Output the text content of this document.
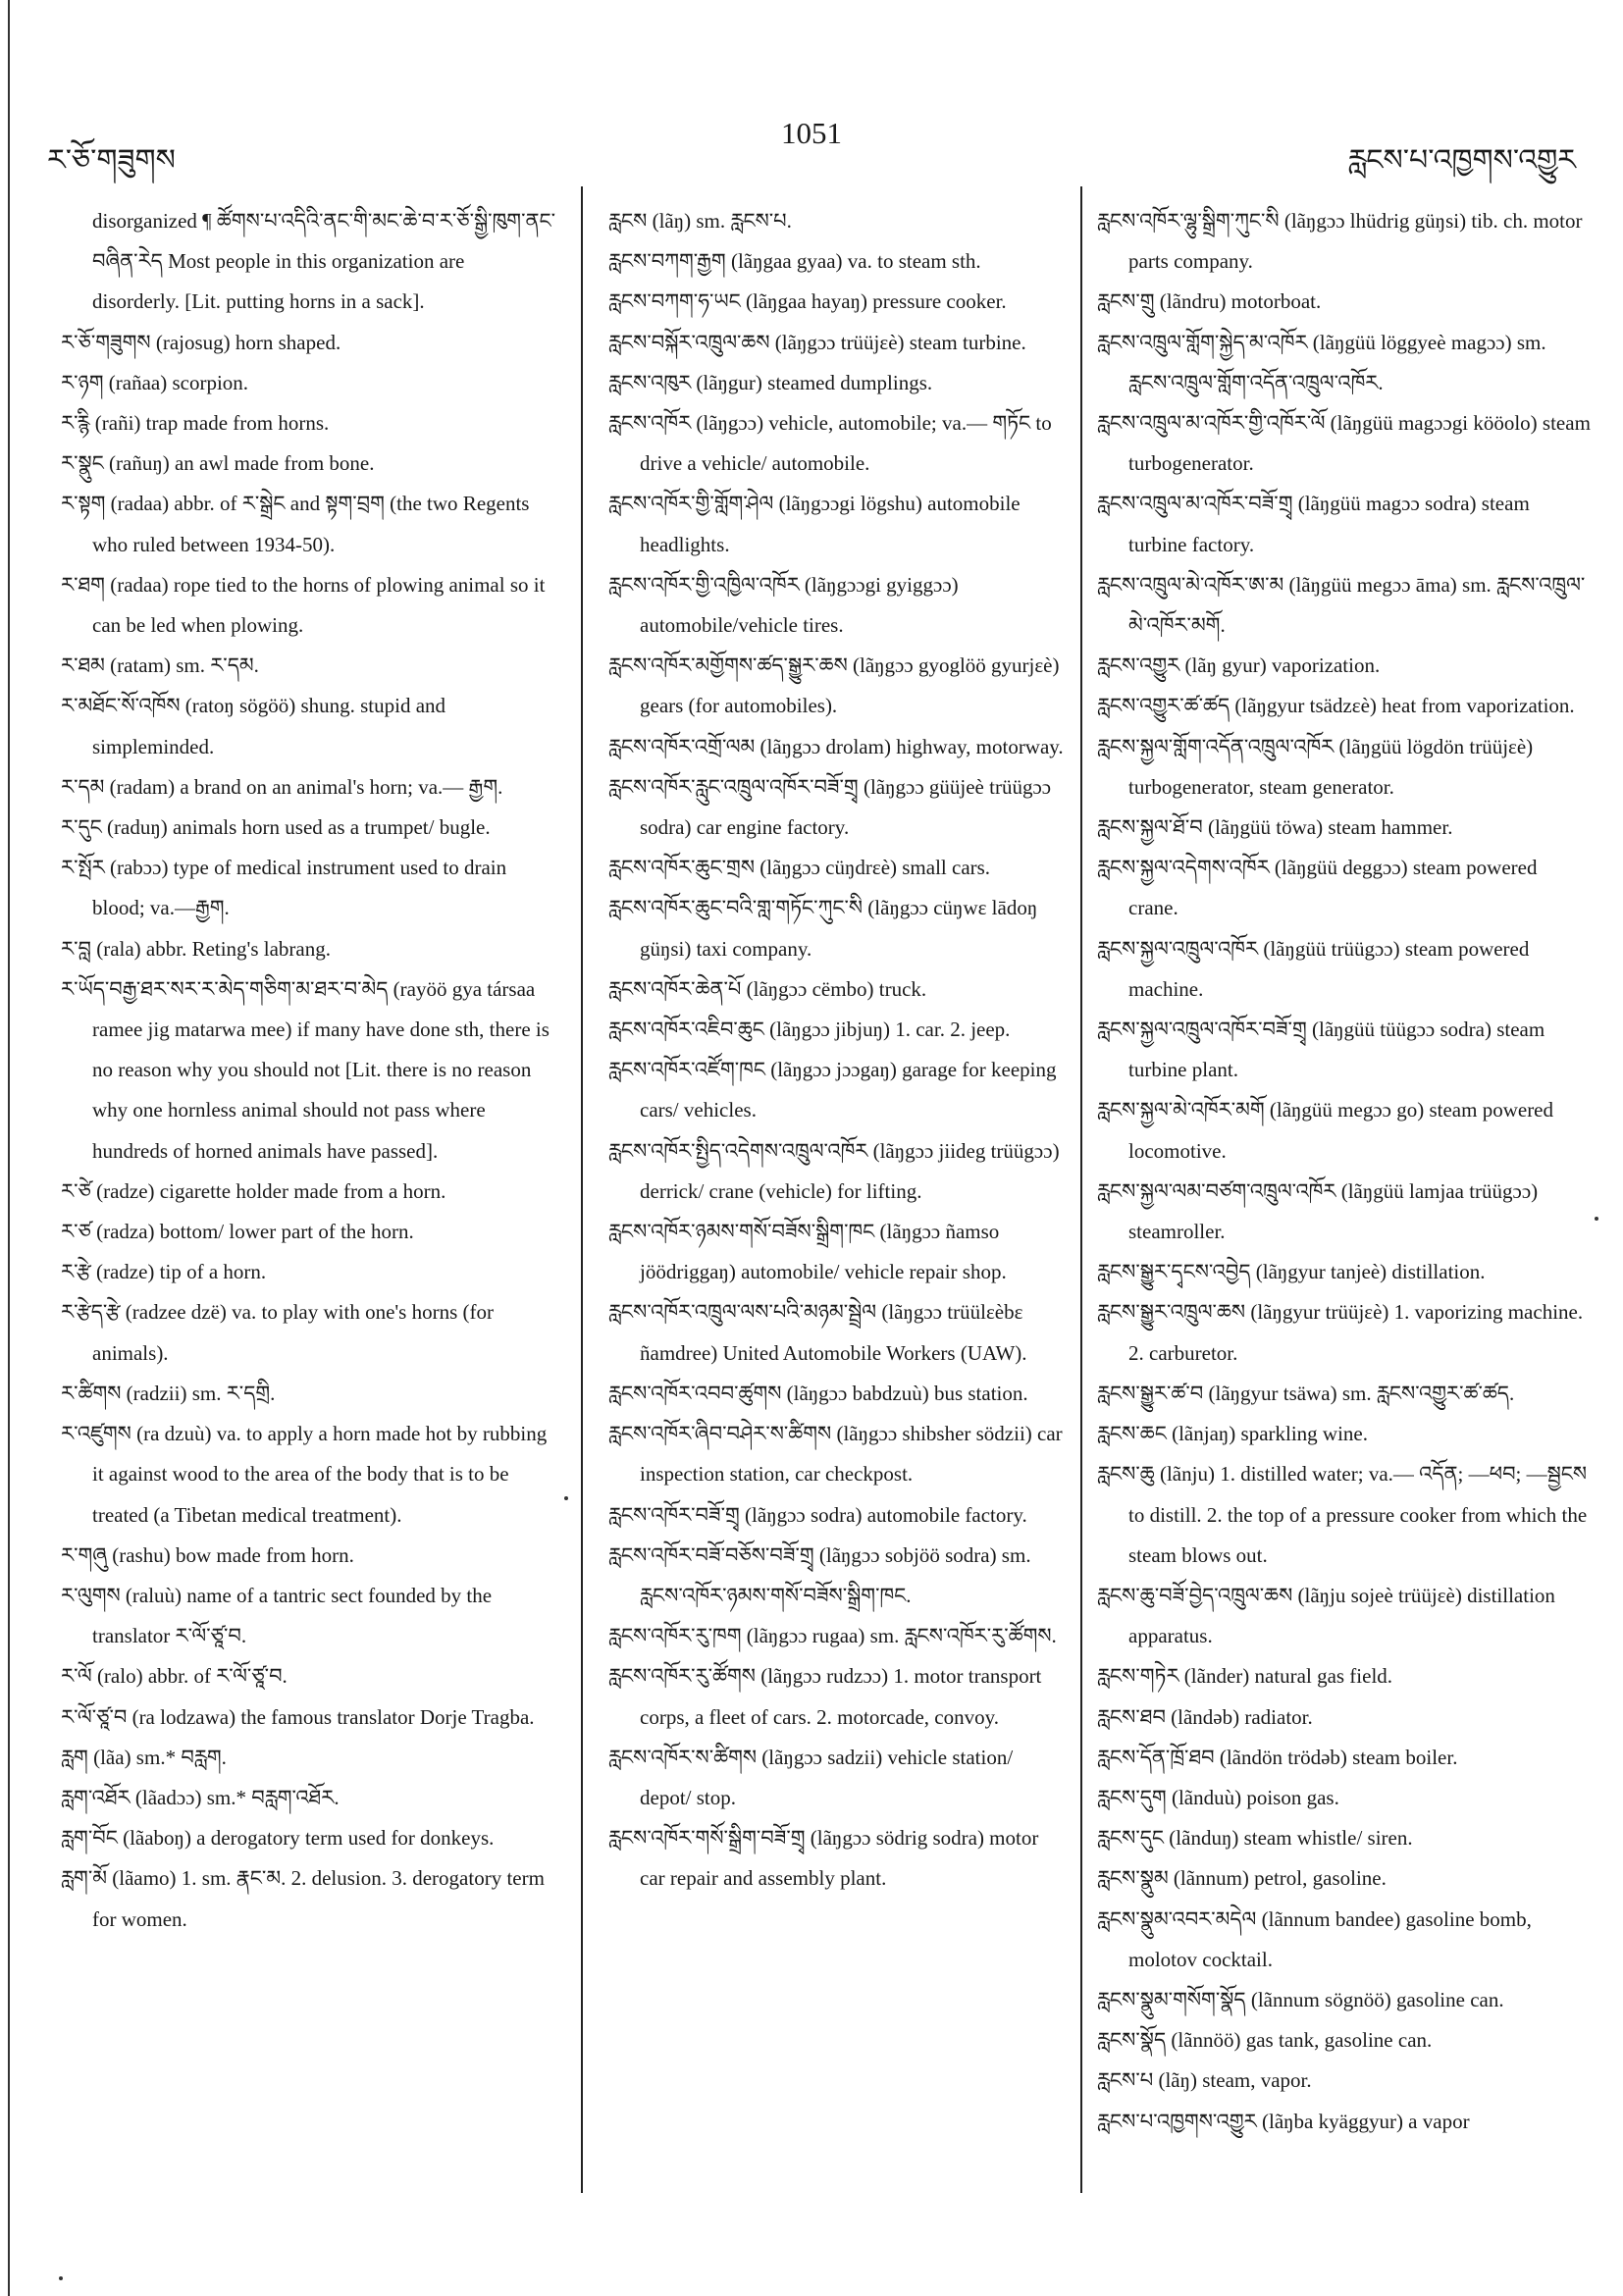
ར་ཅོ་གཟུགས
1051
རླངས་པ་འཁྱགས་འགྱུར

disorganized ¶ ཚོགས་པ་འདིའི་ནང་གི་མང་ཆེ་བ་ར་ཅོ་སྒྱི་ཁུག་ནང་བཞིན་རེད Most people in this organization are disorderly. [Lit. putting horns in a sack].

ར་ཅོ་གཟུགས (rajosug) horn shaped.

ར་ཉག (rañaa) scorpion.

ར་རྙི (rañi) trap made from horns.

ར་སྣུང (rañuŋ) an awl made from bone.

ར་སྟག (radaa) abbr. of ར་སྒྲེང and སྟག་བྲག (the two Regents who ruled between 1934-50).

ར་ཐག (radaa) rope tied to the horns of plowing animal so it can be led when plowing.

ར་ཐམ (ratam) sm. ར་དམ.

ར་མཐོང་སོ་འཁོས (ratoŋ sögöö) shung. stupid and simpleminded.

ར་དམ (radam) a brand on an animal's horn; va.— རྒྱག.

ར་དུང (raduŋ) animals horn used as a trumpet/ bugle.

ར་སྤོར (rabɔɔ) type of medical instrument used to drain blood; va.—རྒྱག.

ར་བླ (rala) abbr. Reting's labrang.

ར་ཡོད་བརྒྱ་ཐར་སར་ར་མེད་གཅིག་མ་ཐར་བ་མེད (rayöö gya társaa ramee jig matarwa mee) if many have done sth, there is no reason why you should not [Lit. there is no reason why one hornless animal should not pass where hundreds of horned animals have passed].

ར་ཙེ (radze) cigarette holder made from a horn.

ར་ཙ (radza) bottom/ lower part of the horn.

ར་རྩེ (radze) tip of a horn.

ར་རྩེད་རྩེ (radzee dzë) va. to play with one's horns (for animals).

ར་ཚིགས (radzii) sm. ར་དགྲི.

ར་འཛུགས (ra dzuù) va. to apply a horn made hot by rubbing it against wood to the area of the body that is to be treated (a Tibetan medical treatment).

ར་གཞུ (rashu) bow made from horn.

ར་ལུགས (raluù) name of a tantric sect founded by the translator ར་ལོ་ཙཱ་བ.

ར་ལོ (ralo) abbr. of ར་ལོ་ཙཱ་བ.

ར་ལོ་ཙཱ་བ (ra lodzawa) the famous translator Dorje Tragba.

རླག (lãa) sm.* བརླག.

རླག་འཐོར (lãadɔɔ) sm.* བརླག་འཐོར.

རླག་བོང (lãaboŋ) a derogatory term used for donkeys.

རླག་མོ (lãamo) 1. sm. རྣང་མ. 2. delusion. 3. derogatory term for women.

རླངས (lãŋ) sm. རླངས་པ.

རླངས་བཀག་རྒྱག (lãŋgaa gyaa) va. to steam sth.

རླངས་བཀག་ཧ་ཡང (lãŋgaa hayaŋ) pressure cooker.

རླངས་བསྐོར་འཁྲུལ་ཆས (lãŋgɔɔ trüüjεè) steam turbine.

རླངས་འཁུར (lãŋgur) steamed dumplings.

རླངས་འཁོར (lãŋgɔɔ) vehicle, automobile; va.— གཏོང to drive a vehicle/ automobile.

རླངས་འཁོར་གྱི་གློག་ཤེལ (lãŋgɔɔgi lögshu) automobile headlights.

རླངས་འཁོར་གྱི་འཁྱིལ་འཁོར (lãŋgɔɔgi gyiggɔɔ) automobile/vehicle tires.

རླངས་འཁོར་མགྱོགས་ཚད་སྒྱུར་ཆས (lãŋgɔɔ gyoglöö gyurjεè) gears (for automobiles).

རླངས་འཁོར་འགྲོ་ལམ (lãŋgɔɔ drolam) highway, motorway.

རླངས་འཁོར་རླུང་འཁྲུལ་འཁོར་བཟོ་གྲྭ (lãŋgɔɔ güüjeè trüügɔɔ sodra) car engine factory.

རླངས་འཁོར་ཆུང་གྲས (lãŋgɔɔ cüŋdrεè) small cars.

རླངས་འཁོར་ཆུང་བའི་གླ་གཏོང་ཀུང་སི (lãŋgɔɔ cüŋwε lādoŋ güŋsi) taxi company.

རླངས་འཁོར་ཆེན་པོ (lãŋgɔɔ cëmbo) truck.

རླངས་འཁོར་འཇིབ་ཆུང (lãŋgɔɔ jibjuŋ) 1. car. 2. jeep.

རླངས་འཁོར་འཛོག་ཁང (lãŋgɔɔ jɔɔgaŋ) garage for keeping cars/ vehicles.

རླངས་འཁོར་སྤྱིད་འདེགས་འཁྲུལ་འཁོར (lãŋgɔɔ jiideg trüügɔɔ) derrick/ crane (vehicle) for lifting.

རླངས་འཁོར་ཉམས་གསོ་བཟོས་སྒྲིག་ཁང (lãŋgɔɔ ñamso jöödriggaŋ) automobile/ vehicle repair shop.

རླངས་འཁོར་འཁྲུལ་ལས་པའི་མཉམ་སྦྲེལ (lãŋgɔɔ trüülεèbε ñamdree) United Automobile Workers (UAW).

རླངས་འཁོར་འབབ་ཚུགས (lãŋgɔɔ babdzuù) bus station.

རླངས་འཁོར་ཞིབ་བཤེར་ས་ཚིགས (lãŋgɔɔ shibsher södzii) car inspection station, car checkpost.

རླངས་འཁོར་བཟོ་གྲྭ (lãŋgɔɔ sodra) automobile factory.

རླངས་འཁོར་བཟོ་བཅོས་བཟོ་གྲྭ (lãŋgɔɔ sobjöö sodra) sm. རླངས་འཁོར་ཉམས་གསོ་བཟོས་སྒྲིག་ཁང.

རླངས་འཁོར་རུ་ཁག (lãŋgɔɔ rugaa) sm. རླངས་འཁོར་རུ་ཚོགས.

རླངས་འཁོར་རུ་ཚོགས (lãŋgɔɔ rudzɔɔ) 1. motor transport corps, a fleet of cars. 2. motorcade, convoy.

རླངས་འཁོར་ས་ཚིགས (lãŋgɔɔ sadzii) vehicle station/ depot/ stop.

རླངས་འཁོར་གསོ་སྒྲིག་བཟོ་གྲྭ (lãŋgɔɔ södrig sodra) motor car repair and assembly plant.

རླངས་འཁོར་ལྷུ་སྒྲིག་ཀུང་སི (lãŋgɔɔ lhüdrig güŋsi) tib. ch. motor parts company.

རླངས་གྲུ (lãndru) motorboat.

རླངས་འཁྲུལ་གློག་སྐྱེད་མ་འཁོར (lãŋgüü löggyeè magɔɔ) sm. རླངས་འཁྲུལ་གློག་འདོན་འཁྲུལ་འཁོར.

རླངས་འཁྲུལ་མ་འཁོར་གྱི་འཁོར་ལོ (lãŋgüü magɔɔgi kööolo) steam turbogenerator.

རླངས་འཁྲུལ་མ་འཁོར་བཟོ་གྲྭ (lãŋgüü magɔɔ sodra) steam turbine factory.

རླངས་འཁྲུལ་མེ་འཁོར་ཨ་མ (lãŋgüü megɔɔ āma) sm. རླངས་འཁྲུལ་མེ་འཁོར་མགོ.

རླངས་འགྱུར (lãŋ gyur) vaporization.

རླངས་འགྱུར་ཚ་ཚད (lãŋgyur tsädzεè) heat from vaporization.

རླངས་སྐྱལ་གློག་འདོན་འཁྲུལ་འཁོར (lãŋgüü lögdön trüüjεè) turbogenerator, steam generator.

རླངས་སྐྱལ་ཐོ་བ (lãŋgüü töwa) steam hammer.

རླངས་སྐྱལ་འདེགས་འཁོར (lãŋgüü deggɔɔ) steam powered crane.

རླངས་སྐྱལ་འཁྲུལ་འཁོར (lãŋgüü trüügɔɔ) steam powered machine.

རླངས་སྐྱལ་འཁྲུལ་འཁོར་བཟོ་གྲྭ (lãŋgüü tüügɔɔ sodra) steam turbine plant.

རླངས་སྐྱལ་མེ་འཁོར་མགོ (lãŋgüü megɔɔ go) steam powered locomotive.

རླངས་སྐྱལ་ལམ་བཙག་འཁྲུལ་འཁོར (lãŋgüü lamjaa trüügɔɔ) steamroller.

རླངས་སྒྱུར་དྭངས་འབྱེད (lãŋgyur tanjeè) distillation.

རླངས་སྒྱུར་འཁྲུལ་ཆས (lãŋgyur trüüjεè) 1. vaporizing machine. 2. carburetor.

རླངས་སྒྱུར་ཚ་བ (lãŋgyur tsäwa) sm. རླངས་འགྱུར་ཚ་ཚད.

རླངས་ཆང (lãnjaŋ) sparkling wine.

རླངས་ཆུ (lãnju) 1. distilled water; va.— འདོན; —ཕབ; —སྦྱངས to distill. 2. the top of a pressure cooker from which the steam blows out.

རླངས་ཆུ་བཟོ་བྱེད་འཁྲུལ་ཆས (lãŋju sojeè trüüjεè) distillation apparatus.

རླངས་གཏེར (lãnder) natural gas field.

རླངས་ཐབ (lãndəb) radiator.

རླངས་དོན་ཁྲོ་ཐབ (lãndön trödəb) steam boiler.

རླངས་དུག (lãnduù) poison gas.

རླངས་དུང (lãnduŋ) steam whistle/ siren.

རླངས་སྣུམ (lãnnum) petrol, gasoline.

རླངས་སྣུམ་འབར་མདེལ (lãnnum bandee) gasoline bomb, molotov cocktail.

རླངས་སྣུམ་གསོག་སྣོད (lãnnum sögnöö) gasoline can.

རླངས་སྣོད (lãnnöö) gas tank, gasoline can.

རླངས་པ (lãŋ) steam, vapor.

རླངས་པ་འཁྱགས་འགྱུར (lãŋba kyäggyur) a vapor
